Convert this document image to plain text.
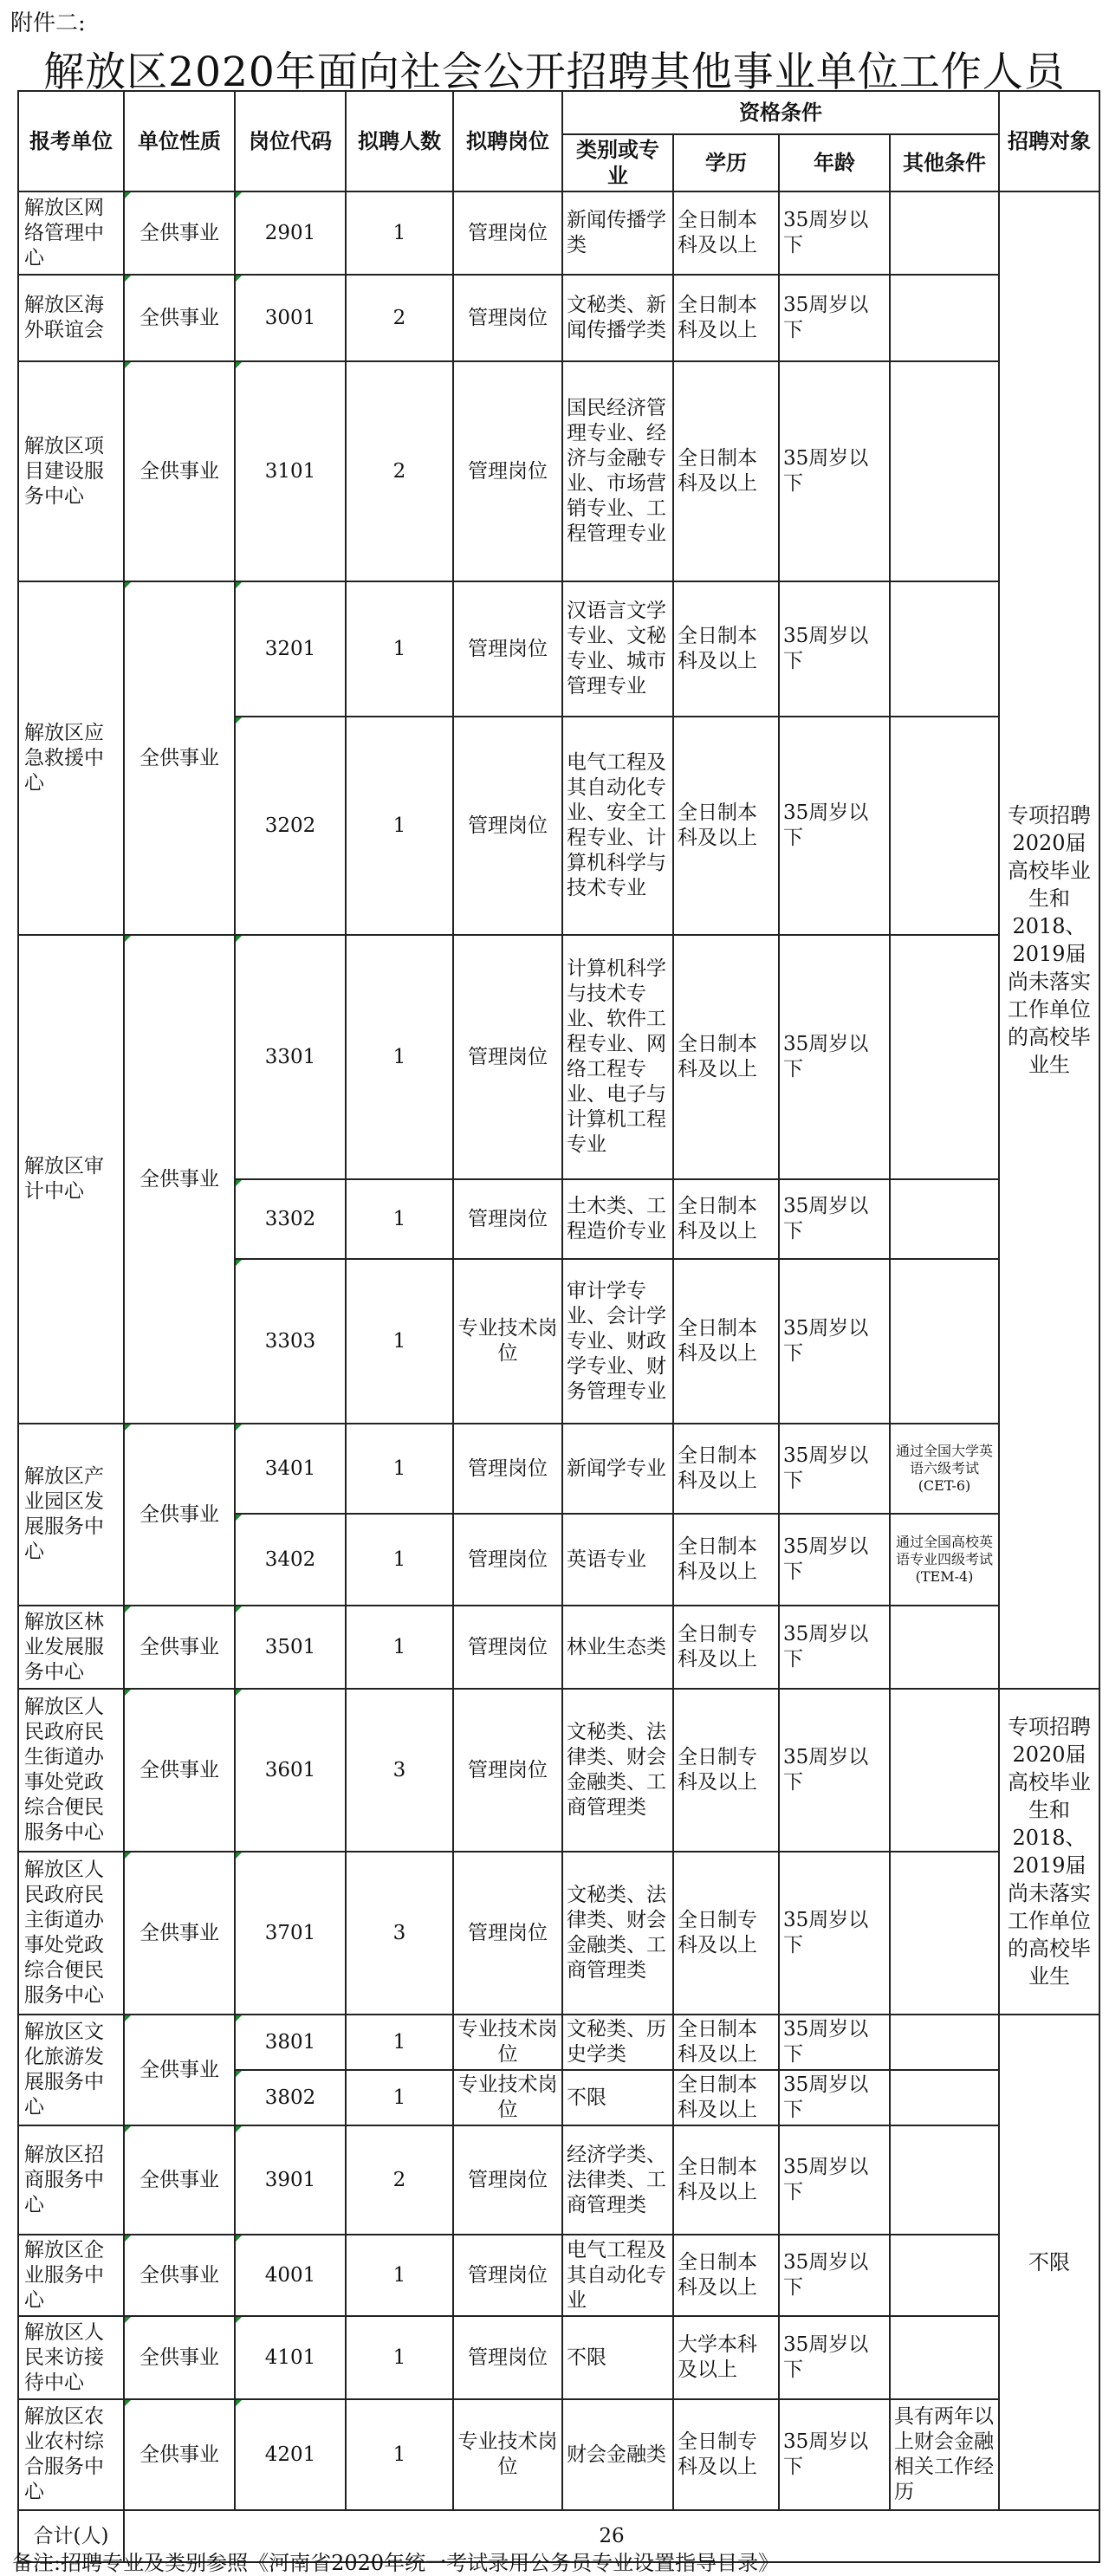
附件二:
解放区2020年面向社会公开招聘其他事业单位工作人员
报考单位	单位性质	岗位代码	拟聘人数	拟聘岗位	资格条件				招聘对象
					类别或专业	学历	年龄	其他条件	
解放区网络管理中心	全供事业	2901	1	管理岗位	新闻传播学类	全日制本科及以上	35周岁以下		专项招聘2020届高校毕业生和2018、2019届尚未落实工作单位的高校毕业生
解放区海外联谊会	全供事业	3001	2	管理岗位	文秘类、新闻传播学类	全日制本科及以上	35周岁以下		
解放区项目建设服务中心	全供事业	3101	2	管理岗位	国民经济管理专业、经济与金融专业、市场营销专业、工程管理专业	全日制本科及以上	35周岁以下		
解放区应急救援中心	全供事业	3201	1	管理岗位	汉语言文学专业、文秘专业、城市管理专业	全日制本科及以上	35周岁以下		
		3202	1	管理岗位	电气工程及其自动化专业、安全工程专业、计算机科学与技术专业	全日制本科及以上	35周岁以下		
解放区审计中心	全供事业	3301	1	管理岗位	计算机科学与技术专业、软件工程专业、网络工程专业、电子与计算机工程专业	全日制本科及以上	35周岁以下		
		3302	1	管理岗位	土木类、工程造价专业	全日制本科及以上	35周岁以下		
		3303	1	专业技术岗位	审计学专业、会计学专业、财政学专业、财务管理专业	全日制本科及以上	35周岁以下		
解放区产业园区发展服务中心	全供事业	3401	1	管理岗位	新闻学专业	全日制本科及以上	35周岁以下	通过全国大学英语六级考试(CET-6)	
		3402	1	管理岗位	英语专业	全日制本科及以上	35周岁以下	通过全国高校英语专业四级考试(TEM-4)	
解放区林业发展服务中心	全供事业	3501	1	管理岗位	林业生态类	全日制专科及以上	35周岁以下		
解放区人民政府民生街道办事处党政综合便民服务中心	全供事业	3601	3	管理岗位	文秘类、法律类、财会金融类、工商管理类	全日制专科及以上	35周岁以下		专项招聘2020届高校毕业生和2018、2019届尚未落实工作单位的高校毕业生
解放区人民政府民主街道办事处党政综合便民服务中心	全供事业	3701	3	管理岗位	文秘类、法律类、财会金融类、工商管理类	全日制专科及以上	35周岁以下		
解放区文化旅游发展服务中心	全供事业	3801	1	专业技术岗位	文秘类、历史学类	全日制本科及以上	35周岁以下		不限
		3802	1	专业技术岗位	不限	全日制本科及以上	35周岁以下		
解放区招商服务中心	全供事业	3901	2	管理岗位	经济学类、法律类、工商管理类	全日制本科及以上	35周岁以下		
解放区企业服务中心	全供事业	4001	1	管理岗位	电气工程及其自动化专业	全日制本科及以上	35周岁以下		
解放区人民来访接待中心	全供事业	4101	1	管理岗位	不限	大学本科及以上	35周岁以下		
解放区农业农村综合服务中心	全供事业	4201	1	专业技术岗位	财会金融类	全日制专科及以上	35周岁以下	具有两年以上财会金融相关工作经历	
合计(人)	26								
备注:招聘专业及类别参照《河南省2020年统一考试录用公务员专业设置指导目录》
